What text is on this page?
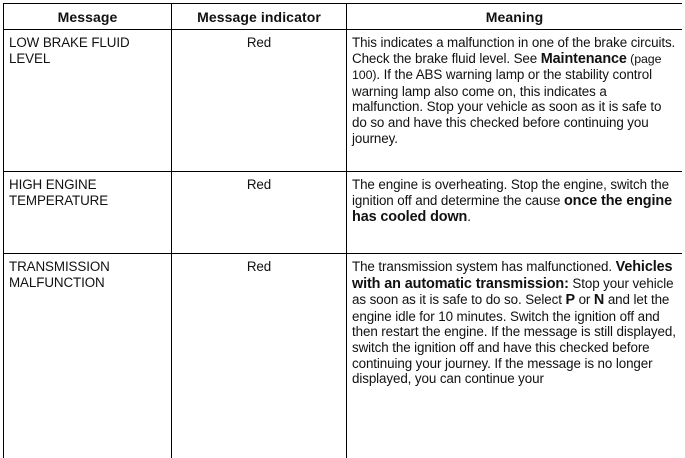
Message	Message indicator	Meaning
LOW BRAKE FLUID LEVEL	Red	This indicates a malfunction in one of the brake circuits. Check the brake fluid level. See Maintenance (page 100). If the ABS warning lamp or the stability control warning lamp also come on, this indicates a malfunction. Stop your vehicle as soon as it is safe to do so and have this checked before continuing you journey.
HIGH ENGINE TEMPERATURE	Red	The engine is overheating. Stop the engine, switch the ignition off and determine the cause once the engine has cooled down.
TRANSMISSION MALFUNCTION	Red	The transmission system has malfunctioned. Vehicles with an automatic transmission: Stop your vehicle as soon as it is safe to do so. Select P or N and let the engine idle for 10 minutes. Switch the ignition off and then restart the engine. If the message is still displayed, switch the ignition off and have this checked before continuing your journey. If the message is no longer displayed, you can continue your
